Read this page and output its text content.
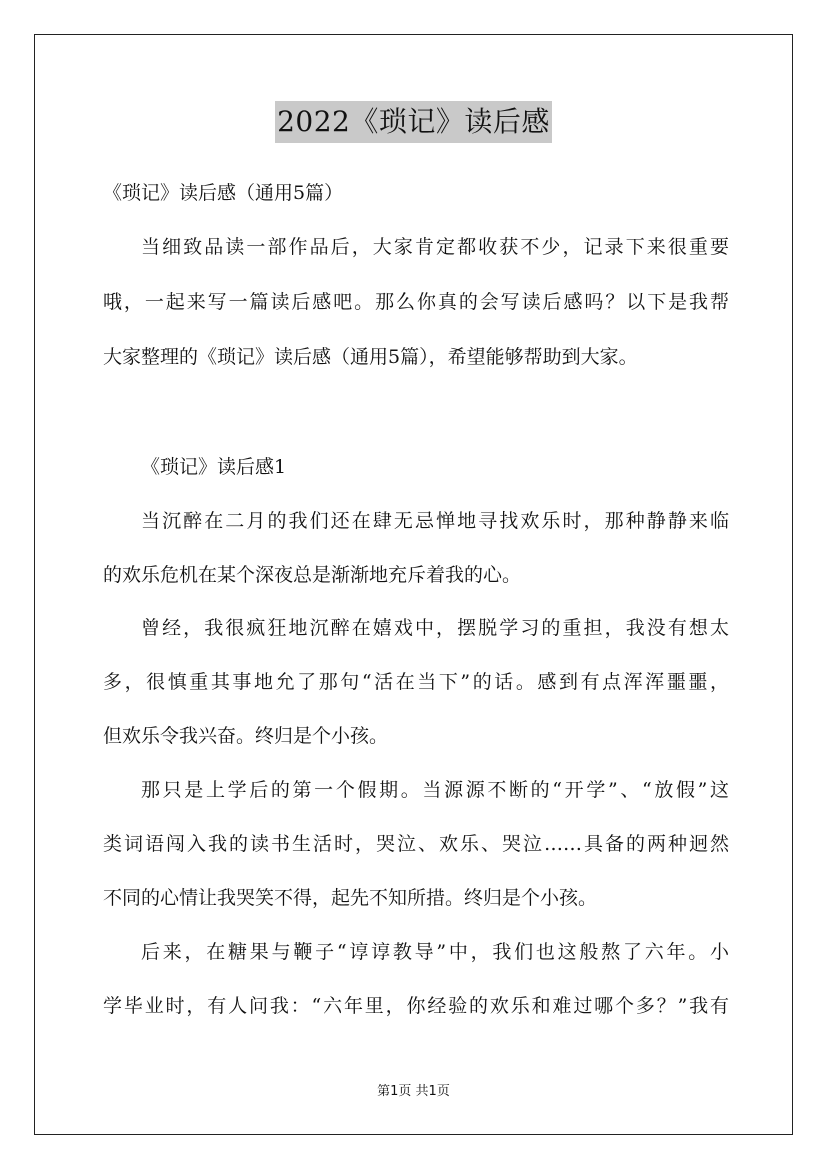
2022《琐记》读后感
《琐记》读后感（通用5篇）
当细致品读一部作品后，大家肯定都收获不少，记录下来很重要
哦，一起来写一篇读后感吧。那么你真的会写读后感吗？以下是我帮
大家整理的《琐记》读后感（通用5篇），希望能够帮助到大家。
《琐记》读后感1
当沉醉在二月的我们还在肆无忌惮地寻找欢乐时，那种静静来临
的欢乐危机在某个深夜总是渐渐地充斥着我的心。
曾经，我很疯狂地沉醉在嬉戏中，摆脱学习的重担，我没有想太
多，很慎重其事地允了那句“活在当下”的话。感到有点浑浑噩噩，
但欢乐令我兴奋。终归是个小孩。
那只是上学后的第一个假期。当源源不断的“开学”、“放假”这
类词语闯入我的读书生活时，哭泣、欢乐、哭泣……具备的两种迥然
不同的心情让我哭笑不得，起先不知所措。终归是个小孩。
后来，在糖果与鞭子“谆谆教导”中，我们也这般熬了六年。小
学毕业时，有人问我：“六年里，你经验的欢乐和难过哪个多？”我有
第1页 共1页
